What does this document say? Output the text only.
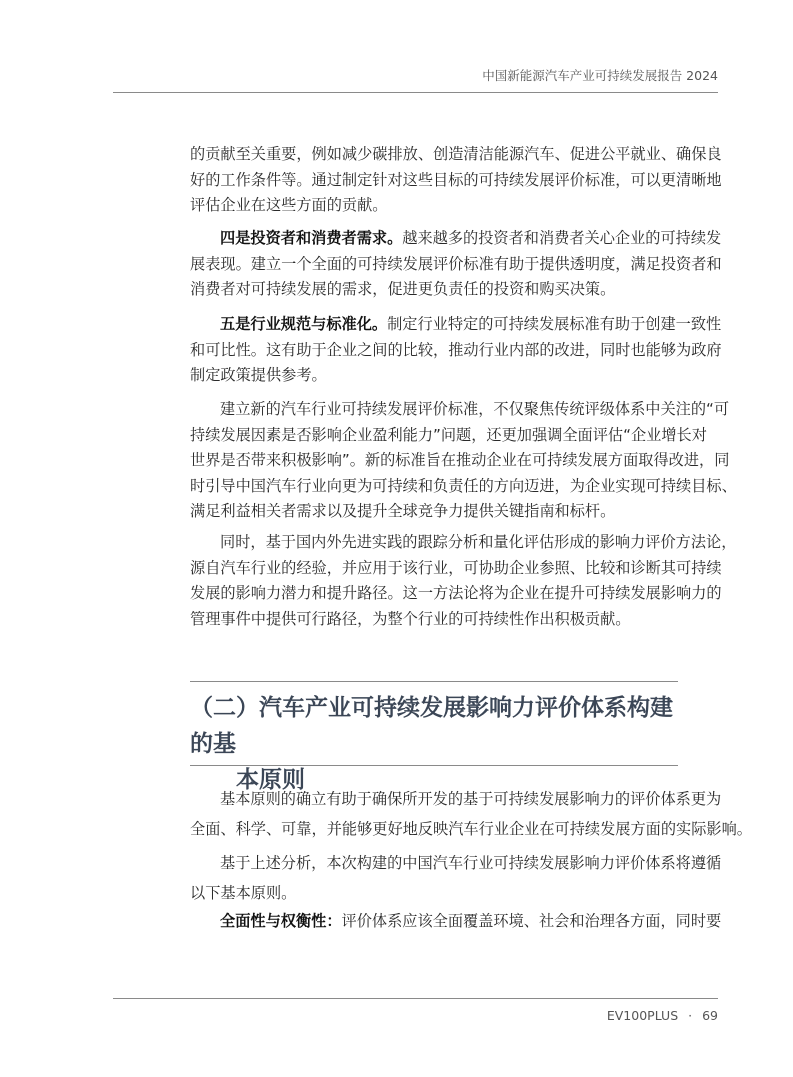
中国新能源汽车产业可持续发展报告 2024
的贡献至关重要，例如减少碳排放、创造清洁能源汽车、促进公平就业、确保良
好的工作条件等。通过制定针对这些目标的可持续发展评价标准，可以更清晰地
评估企业在这些方面的贡献。
四是投资者和消费者需求。越来越多的投资者和消费者关心企业的可持续发
展表现。建立一个全面的可持续发展评价标准有助于提供透明度，满足投资者和
消费者对可持续发展的需求，促进更负责任的投资和购买决策。
五是行业规范与标准化。制定行业特定的可持续发展标准有助于创建一致性
和可比性。这有助于企业之间的比较，推动行业内部的改进，同时也能够为政府
制定政策提供参考。
建立新的汽车行业可持续发展评价标准，不仅聚焦传统评级体系中关注的“可
持续发展因素是否影响企业盈利能力”问题，还更加强调全面评估“企业增长对
世界是否带来积极影响”。新的标准旨在推动企业在可持续发展方面取得改进，同
时引导中国汽车行业向更为可持续和负责任的方向迈进，为企业实现可持续目标、
满足利益相关者需求以及提升全球竞争力提供关键指南和标杆。
同时，基于国内外先进实践的跟踪分析和量化评估形成的影响力评价方法论，
源自汽车行业的经验，并应用于该行业，可协助企业参照、比较和诊断其可持续
发展的影响力潜力和提升路径。这一方法论将为企业在提升可持续发展影响力的
管理事件中提供可行路径，为整个行业的可持续性作出积极贡献。
（二）汽车产业可持续发展影响力评价体系构建的基
本原则
基本原则的确立有助于确保所开发的基于可持续发展影响力的评价体系更为
全面、科学、可靠，并能够更好地反映汽车行业企业在可持续发展方面的实际影响。
基于上述分析，本次构建的中国汽车行业可持续发展影响力评价体系将遵循
以下基本原则。
全面性与权衡性：评价体系应该全面覆盖环境、社会和治理各方面，同时要
EV100PLUS · 69
